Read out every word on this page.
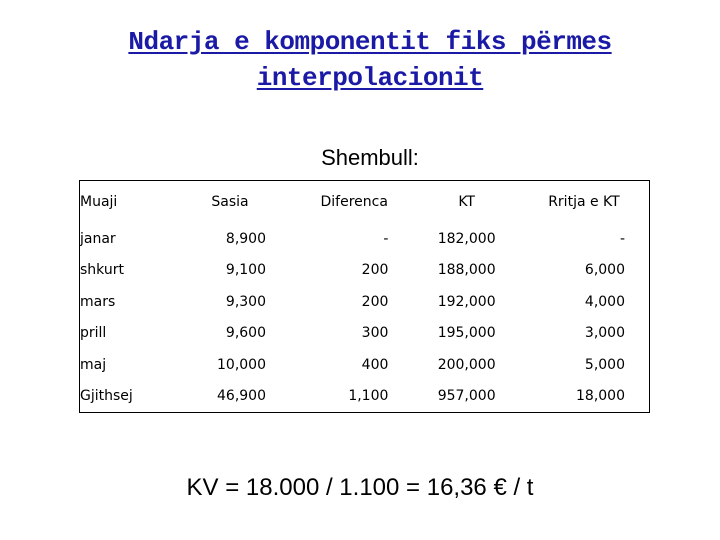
Ndarja e komponentit fiks përmes
interpolacionit
Shembull:
Muaji	Sasia	Diferenca	KT	Rritja e KT
janar	8,900	-	182,000	-
shkurt	9,100	200	188,000	6,000
mars	9,300	200	192,000	4,000
prill	9,600	300	195,000	3,000
maj	10,000	400	200,000	5,000
Gjithsej	46,900	1,100	957,000	18,000
KV = 18.000 / 1.100 = 16,36 € / t
